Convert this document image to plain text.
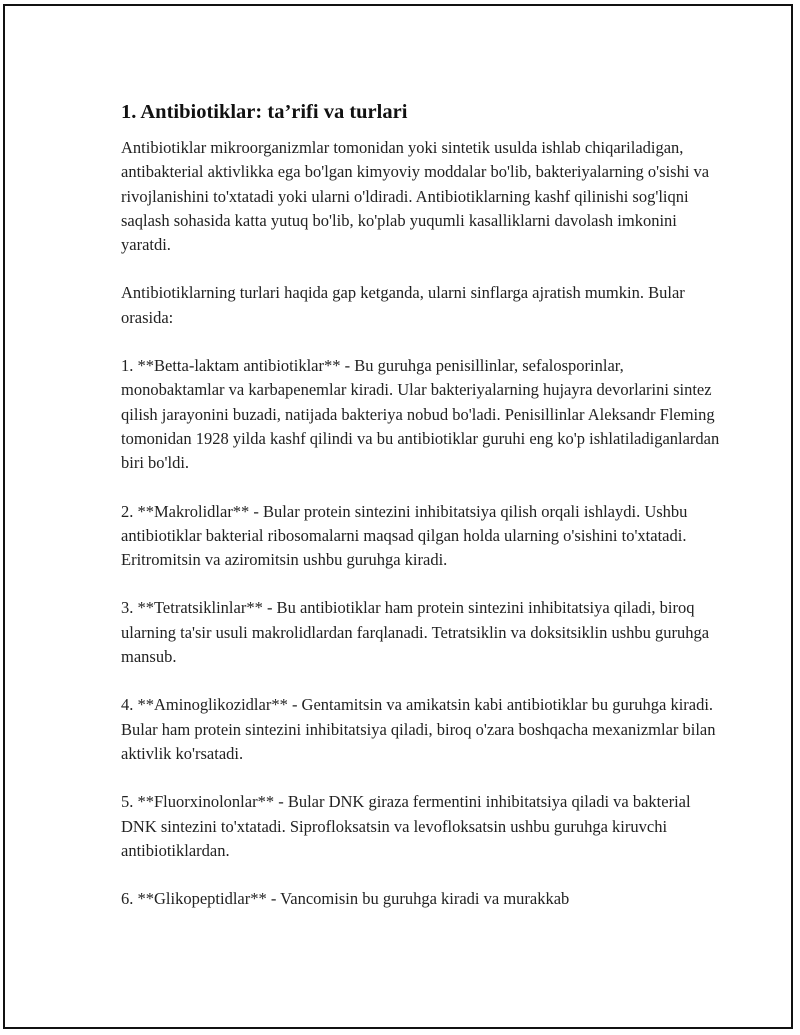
1. Antibiotiklar: ta’rifi va turlari

Antibiotiklar mikroorganizmlar tomonidan yoki sintetik usulda ishlab chiqariladigan, antibakterial aktivlikka ega bo'lgan kimyoviy moddalar bo'lib, bakteriyalarning o'sishi va rivojlanishini to'xtatadi yoki ularni o'ldiradi. Antibiotiklarning kashf qilinishi sog'liqni saqlash sohasida katta yutuq bo'lib, ko'plab yuqumli kasalliklarni davolash imkonini yaratdi.

Antibiotiklarning turlari haqida gap ketganda, ularni sinflarga ajratish mumkin. Bular orasida:

1. **Betta-laktam antibiotiklar** - Bu guruhga penisillinlar, sefalosporinlar, monobaktamlar va karbapenemlar kiradi. Ular bakteriyalarning hujayra devorlarini sintez qilish jarayonini buzadi, natijada bakteriya nobud bo'ladi. Penisillinlar Aleksandr Fleming tomonidan 1928 yilda kashf qilindi va bu antibiotiklar guruhi eng ko'p ishlatiladiganlardan biri bo'ldi.

2. **Makrolidlar** - Bular protein sintezini inhibitatsiya qilish orqali ishlaydi. Ushbu antibiotiklar bakterial ribosomalarni maqsad qilgan holda ularning o'sishini to'xtatadi. Eritromitsin va aziromitsin ushbu guruhga kiradi.

3. **Tetratsiklinlar** - Bu antibiotiklar ham protein sintezini inhibitatsiya qiladi, biroq ularning ta'sir usuli makrolidlardan farqlanadi. Tetratsiklin va doksitsiklin ushbu guruhga mansub.

4. **Aminoglikozidlar** - Gentamitsin va amikatsin kabi antibiotiklar bu guruhga kiradi. Bular ham protein sintezini inhibitatsiya qiladi, biroq o'zara boshqacha mexanizmlar bilan aktivlik ko'rsatadi.

5. **Fluorxinolonlar** - Bular DNK giraza fermentini inhibitatsiya qiladi va bakterial DNK sintezini to'xtatadi. Siprofloksatsin va levofloksatsin ushbu guruhga kiruvchi antibiotiklardan.

6. **Glikopeptidlar** - Vancomisin bu guruhga kiradi va murakkab
